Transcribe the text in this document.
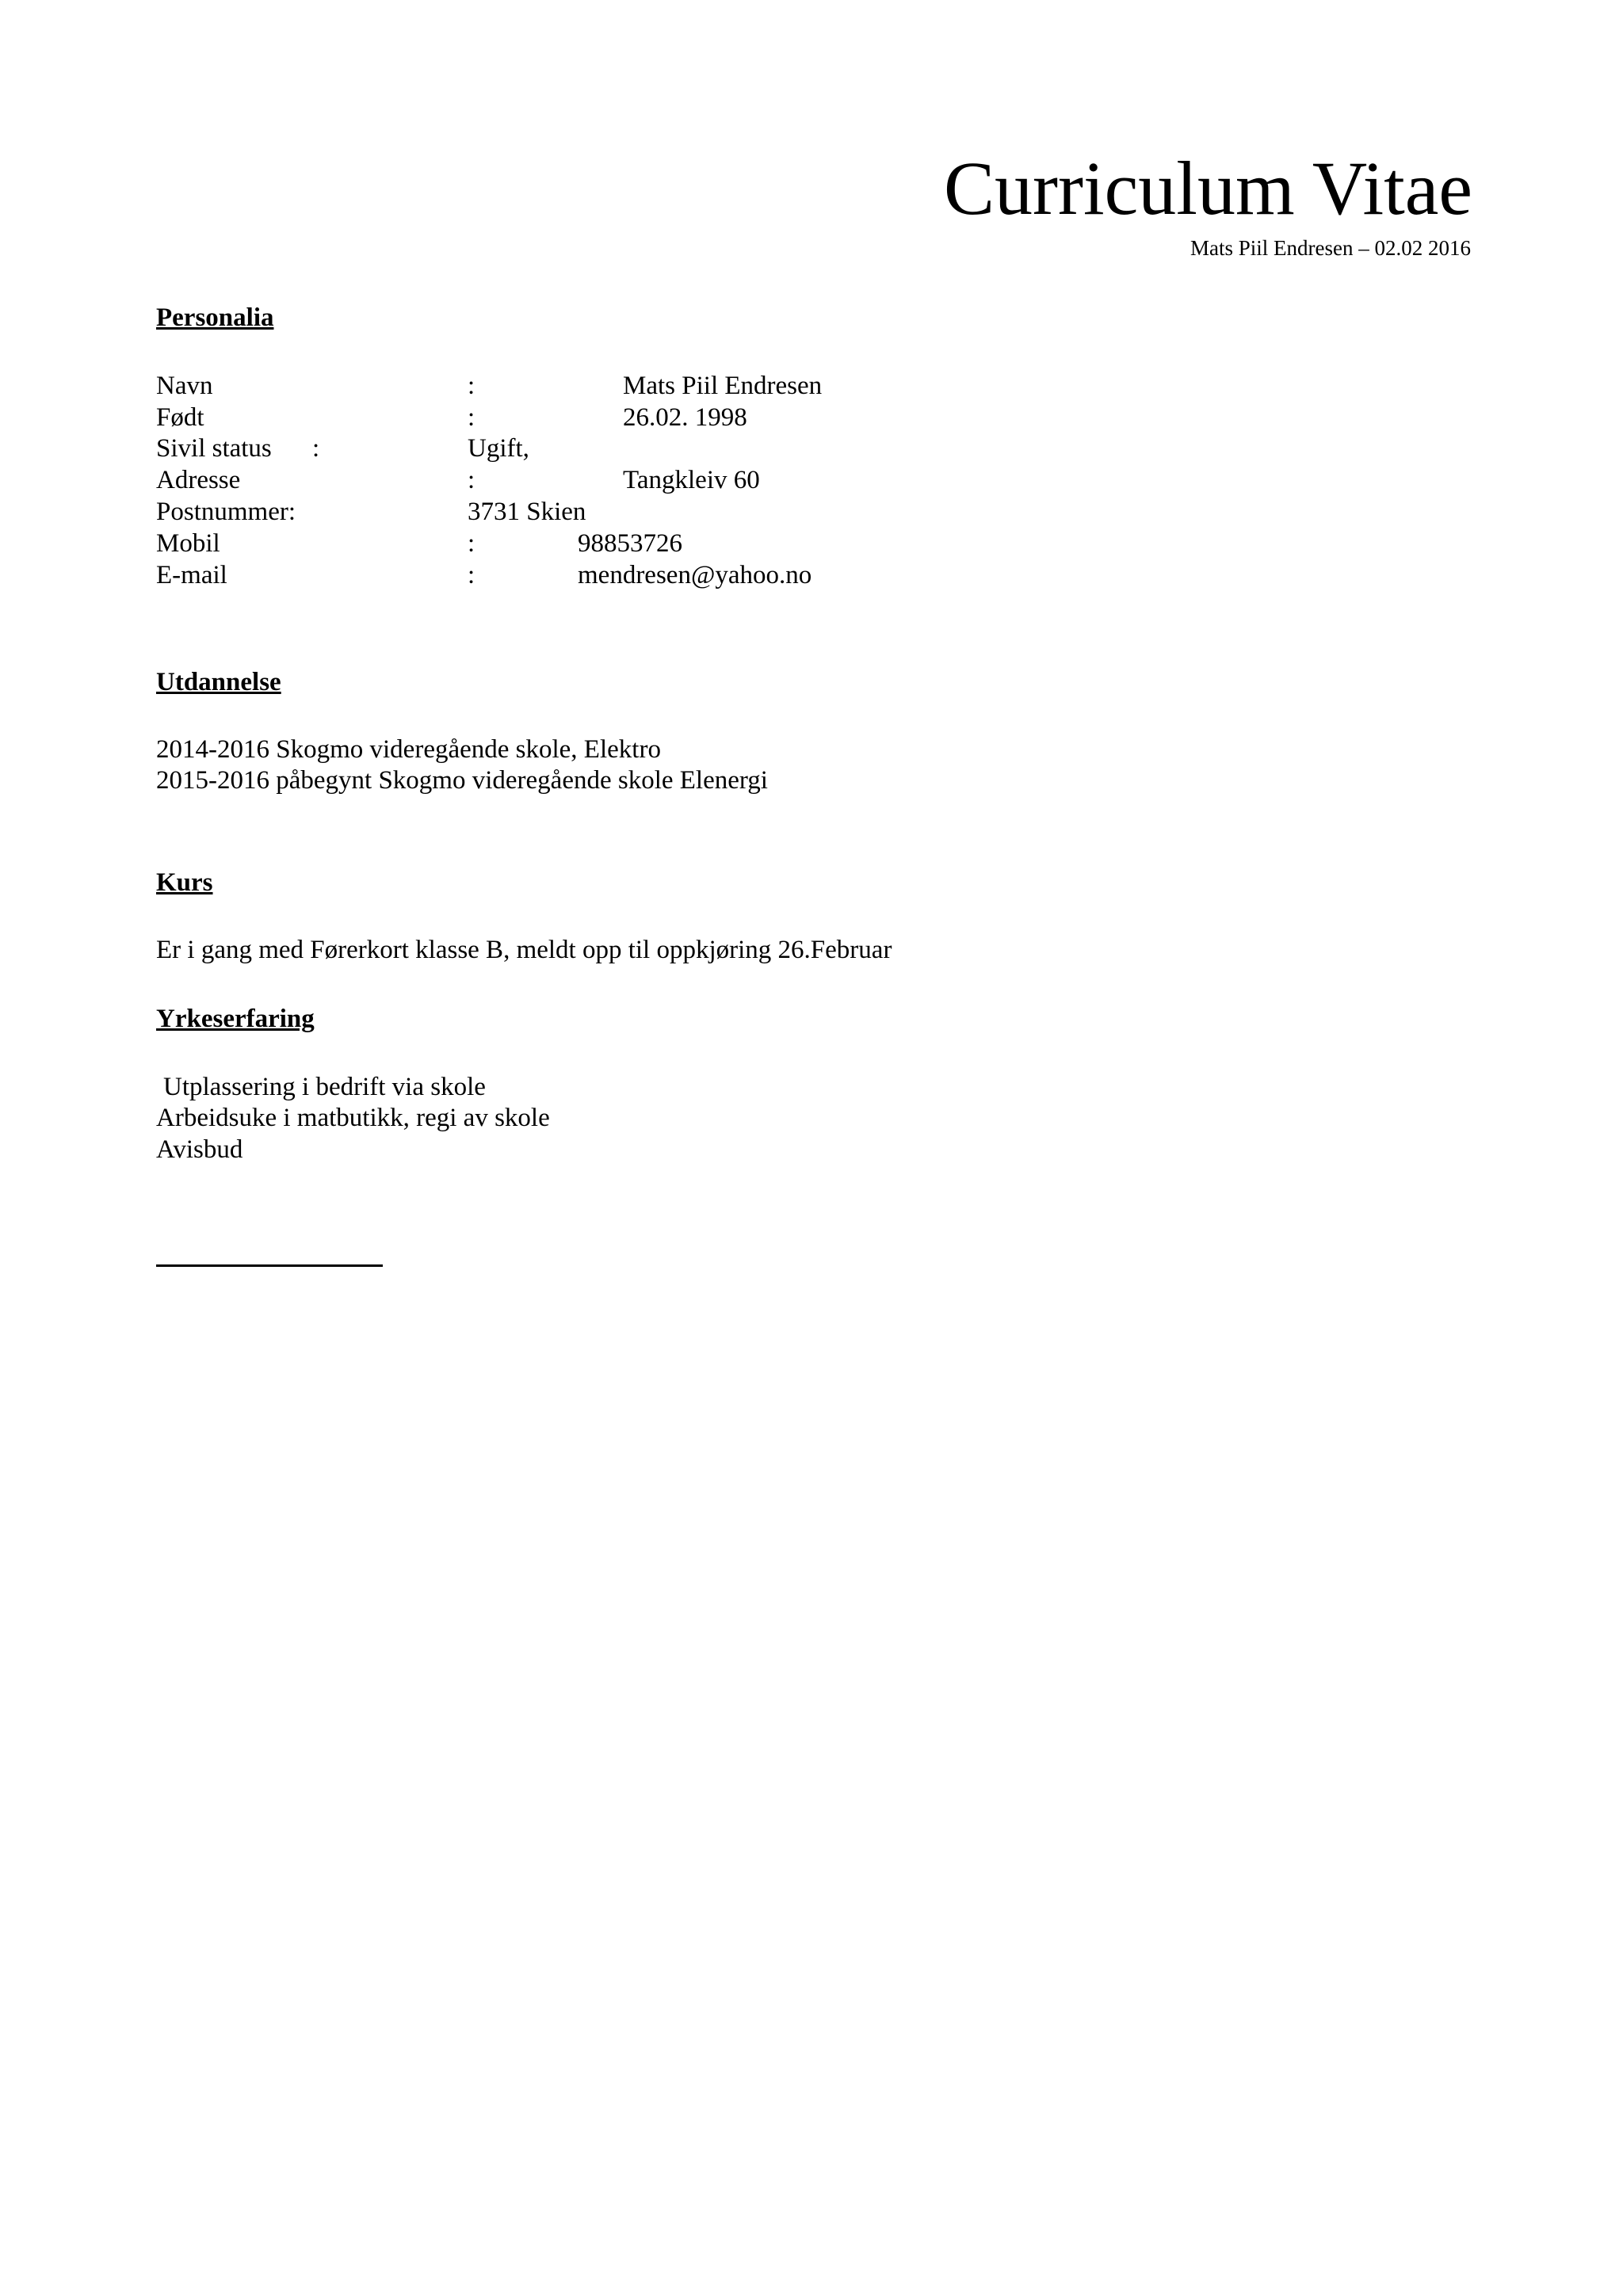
Curriculum Vitae
Mats Piil Endresen – 02.02 2016
Personalia
Navn	:	Mats Piil Endresen
Født	:	26.02. 1998
Sivil status :	Ugift,
Adresse	:	Tangkleiv 60
Postnummer:	3731 Skien
Mobil	:	98853726
E-mail	:	mendresen@yahoo.no
Utdannelse
2014-2016 Skogmo videregående skole, Elektro
2015-2016 påbegynt Skogmo videregående skole Elenergi
Kurs
Er i gang med Førerkort klasse B, meldt opp til oppkjøring 26.Februar
Yrkeserfaring
Utplassering i bedrift via skole
Arbeidsuke i matbutikk, regi av skole
Avisbud
